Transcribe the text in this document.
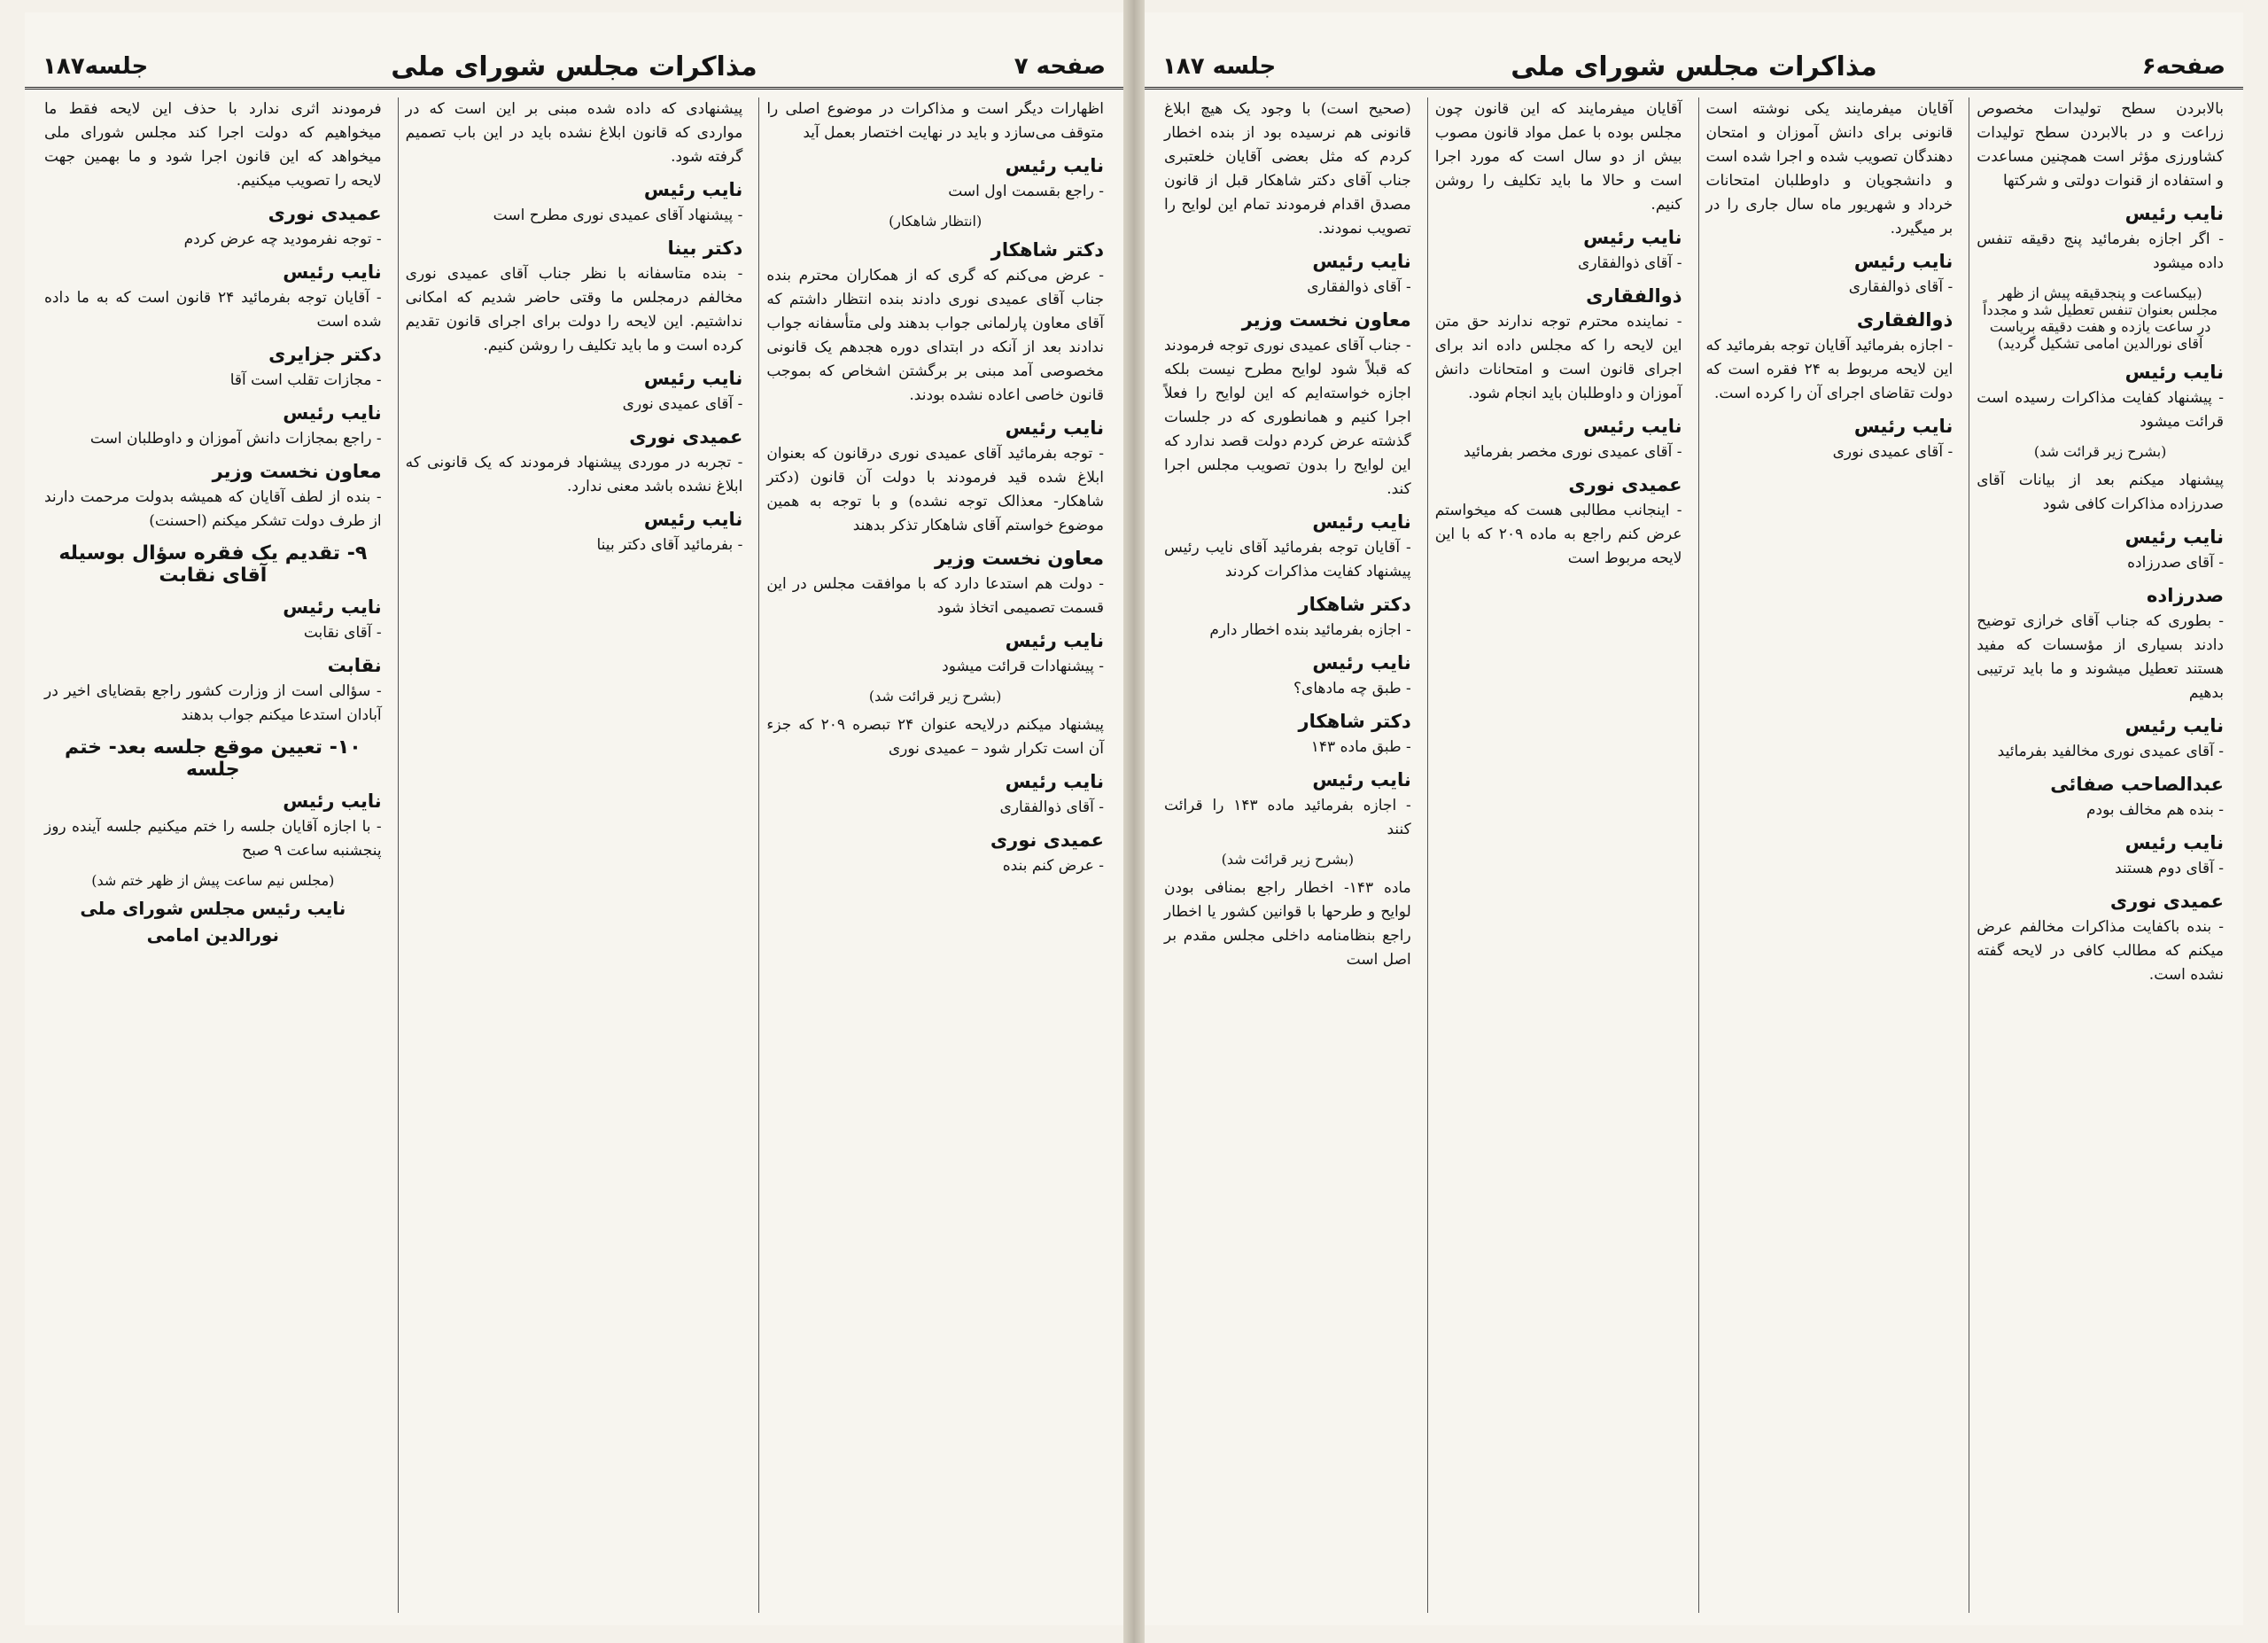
صفحه ۷
مذاکرات مجلس شورای ملی
جلسه۱۸۷
اظهارات دیگر است و مذاکرات در موضوع اصلی را متوقف می‌سازد و باید در نهایت اختصار بعمل آید
نایب رئیس
- راجع بقسمت اول است
(انتظار شاهکار)
دکتر شاهکار
- عرض می‌کنم که گری که از همکاران محترم بنده جناب آقای عمیدی نوری دادند بنده انتظار داشتم که آقای معاون پارلمانی جواب بدهند ولی متأسفانه جواب ندادند بعد از آنکه در ابتدای دوره هجدهم یک قانونی مخصوصی آمد مبنی بر برگشتن اشخاص که بموجب قانون خاصی اعاده نشده بودند.
نایب رئیس
- توجه بفرمائید آقای عمیدی نوری درقانون که بعنوان ابلاغ شده قید فرمودند با دولت آن قانون (دکتر شاهکار- معذالک توجه نشده) و با توجه به همین موضوع خواستم آقای شاهکار تذکر بدهند
معاون نخست وزیر
- دولت هم استدعا دارد که با موافقت مجلس در این قسمت تصمیمی اتخاذ شود
نایب رئیس
- پیشنهادات قرائت میشود
(بشرح زیر قرائت شد)
پیشنهاد میکنم درلایحه عنوان ۲۴ تبصره ۲۰۹ که جزء آن است تکرار شود – عمیدی نوری
نایب رئیس
- آقای ذوالفقاری
عمیدی نوری
- عرض کنم بنده
پیشنهادی که داده شده مبنی بر این است که در مواردی که قانون ابلاغ نشده باید در این باب تصمیم گرفته شود.
نایب رئیس
- پیشنهاد آقای عمیدی نوری مطرح است
دکتر بینا
- بنده متاسفانه با نظر جناب آقای عمیدی نوری مخالفم درمجلس ما وقتی حاضر شدیم که امکانی نداشتیم. این لایحه را دولت برای اجرای قانون تقدیم کرده است و ما باید تکلیف را روشن کنیم.
نایب رئیس
- آقای عمیدی نوری
عمیدی نوری
- تجربه در موردی پیشنهاد فرمودند که یک قانونی که ابلاغ نشده باشد معنی ندارد.
نایب رئیس
- بفرمائید آقای دکتر بینا
فرمودند اثری ندارد با حذف این لایحه فقط ما میخواهیم که دولت اجرا کند مجلس شورای ملی میخواهد که این قانون اجرا شود و ما بهمین جهت لایحه را تصویب میکنیم.
عمیدی نوری
- توجه نفرمودید چه عرض کردم
نایب رئیس
- آقایان توجه بفرمائید ۲۴ قانون است که به ما داده شده است
دکتر جزایری
- مجازات تقلب است آقا
نایب رئیس
- راجع بمجازات دانش آموزان و داوطلبان است
معاون نخست وزیر
- بنده از لطف آقایان که همیشه بدولت مرحمت دارند از طرف دولت تشکر میکنم (احسنت)
۹- تقدیم یک فقره سؤال بوسیله آقای نقابت
نایب رئیس
- آقای نقابت
نقابت
- سؤالی است از وزارت کشور راجع بقضایای اخیر در آبادان استدعا میکنم جواب بدهند
۱۰- تعیین موقع جلسه بعد- ختم جلسه
نایب رئیس
- با اجازه آقایان جلسه را ختم میکنیم جلسه آینده روز پنجشنبه ساعت ۹ صبح
(مجلس نیم ساعت پیش از ظهر ختم شد)
نایب رئیس مجلس شورای ملی
نورالدین امامی
صفحه۶
مذاکرات مجلس شورای ملی
جلسه ۱۸۷
بالابردن سطح تولیدات مخصوص زراعت و در بالابردن سطح تولیدات کشاورزی مؤثر است همچنین مساعدت و استفاده از قنوات دولتی و شرکتها
نایب رئیس
- اگر اجازه بفرمائید پنج دقیقه تنفس داده میشود
(بیکساعت و پنجدقیقه پیش از ظهر مجلس بعنوان تنفس تعطیل شد و مجدداً در ساعت یازده و هفت دقیقه بریاست آقای نورالدین امامی تشکیل گردید)
نایب رئیس
- پیشنهاد کفایت مذاکرات رسیده است قرائت میشود
(بشرح زیر قرائت شد)
پیشنهاد میکنم بعد از بیانات آقای صدرزاده مذاکرات کافی شود
نایب رئیس
- آقای صدرزاده
صدرزاده
- بطوری که جناب آقای خرازی توضیح دادند بسیاری از مؤسسات که مفید هستند تعطیل میشوند و ما باید ترتیبی بدهیم
نایب رئیس
- آقای عمیدی نوری مخالفید بفرمائید
عبدالصاحب صفائی
- بنده هم مخالف بودم
نایب رئیس
- آقای دوم هستند
عمیدی نوری
- بنده باکفایت مذاکرات مخالفم عرض میکنم که مطالب کافی در لایحه گفته نشده است.
آقایان میفرمایند یکی نوشته است قانونی برای دانش آموزان و امتحان دهندگان تصویب شده و اجرا شده است و دانشجویان و داوطلبان امتحانات خرداد و شهریور ماه سال جاری را در بر میگیرد.
نایب رئیس
- آقای ذوالفقاری
ذوالفقاری
- اجازه بفرمائید آقایان توجه بفرمائید که این لایحه مربوط به ۲۴ فقره است که دولت تقاضای اجرای آن را کرده است.
نایب رئیس
- آقای عمیدی نوری
آقایان میفرمایند که این قانون چون مجلس بوده با عمل مواد قانون مصوب بیش از دو سال است که مورد اجرا است و حالا ما باید تکلیف را روشن کنیم.
نایب رئیس
- آقای ذوالفقاری
ذوالفقاری
- نماینده محترم توجه ندارند حق متن این لایحه را که مجلس داده اند برای اجرای قانون است و امتحانات دانش آموزان و داوطلبان باید انجام شود.
نایب رئیس
- آقای عمیدی نوری مخصر بفرمائید
عمیدی نوری
- اینجانب مطالبی هست که میخواستم عرض کنم راجع به ماده ۲۰۹ که با این لایحه مربوط است
(صحیح است) با وجود یک هیچ ابلاغ قانونی هم نرسیده بود از بنده اخطار کردم که مثل بعضی آقایان خلعتبری جناب آقای دکتر شاهکار قبل از قانون مصدق اقدام فرمودند تمام این لوایح را تصویب نمودند.
نایب رئیس
- آقای ذوالفقاری
معاون نخست وزیر
- جناب آقای عمیدی نوری توجه فرمودند که قبلاً شود لوایح مطرح نیست بلکه اجازه خواسته‌ایم که این لوایح را فعلاً اجرا کنیم و همانطوری که در جلسات گذشته عرض کردم دولت قصد ندارد که این لوایح را بدون تصویب مجلس اجرا کند.
نایب رئیس
- آقایان توجه بفرمائید آقای نایب رئیس پیشنهاد کفایت مذاکرات کردند
دکتر شاهکار
- اجازه بفرمائید بنده اخطار دارم
نایب رئیس
- طبق چه مادهای؟
دکتر شاهکار
- طبق ماده ۱۴۳
نایب رئیس
- اجازه بفرمائید ماده ۱۴۳ را قرائت کنند
(بشرح زیر قرائت شد)
ماده ۱۴۳- اخطار راجع بمنافی بودن لوایح و طرحها با قوانین کشور یا اخطار راجع بنظامنامه داخلی مجلس مقدم بر اصل است
